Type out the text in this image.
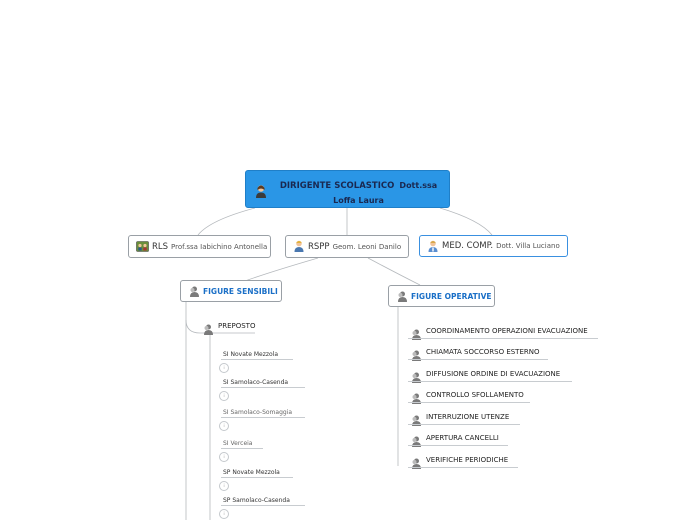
DIRIGENTE SCOLASTICO Dott.ssa
Loffa Laura
RLS Prof.ssa Iabichino Antonella	RSPP Geom. Leoni Danilo	MED. COMP. Dott. Villa Luciano
FIGURE SENSIBILI
PREPOSTO
SI Novate Mezzola
i
SI Samolaco-Casenda
i
SI Samolaco-Somaggia
i
SI Verceia
i
SP Novate Mezzola
i
SP Samolaco-Casenda
i
FIGURE OPERATIVE
COORDINAMENTO OPERAZIONI EVACUAZIONE
CHIAMATA SOCCORSO ESTERNO
DIFFUSIONE ORDINE DI EVACUAZIONE
CONTROLLO SFOLLAMENTO
INTERRUZIONE UTENZE
APERTURA CANCELLI
VERIFICHE PERIODICHE
